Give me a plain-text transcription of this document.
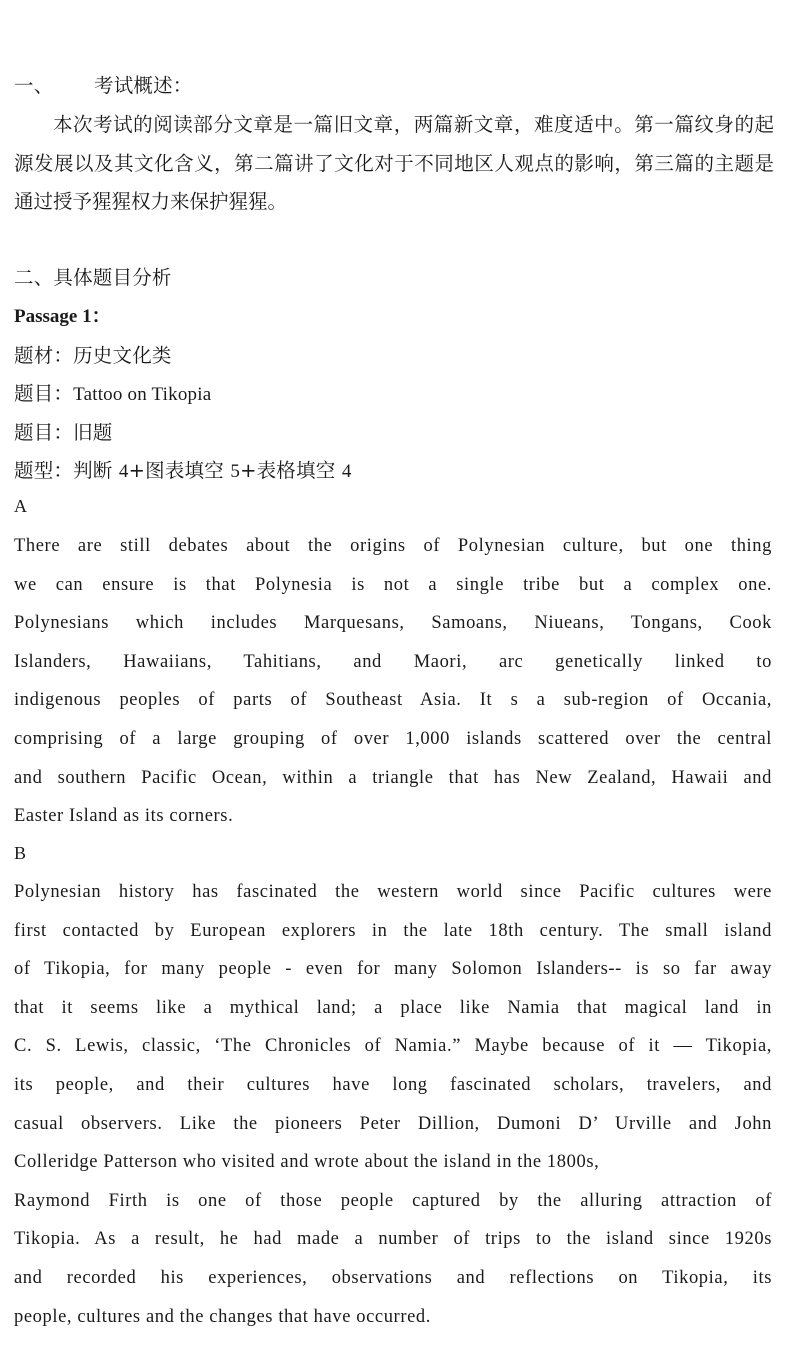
一、 考试概述：
本次考试的阅读部分文章是一篇旧文章，两篇新文章，难度适中。第一篇纹身的起源发展以及其文化含义，第二篇讲了文化对于不同地区人观点的影响，第三篇的主题是通过授予猩猩权力来保护猩猩。
二、具体题目分析
Passage 1：
题材：历史文化类
题目：Tattoo on Tikopia
题目：旧题
题型：判断 4+图表填空 5+表格填空 4
A
There are still debates about the origins of Polynesian culture, but one thing
we can ensure is that Polynesia is not a single tribe but a complex one.
Polynesians which includes Marquesans, Samoans, Niueans, Tongans, Cook
Islanders, Hawaiians, Tahitians, and Maori, arc genetically linked to
indigenous peoples of parts of Southeast Asia. It s a sub-region of Occania,
comprising of a large grouping of over 1,000 islands scattered over the central
and southern Pacific Ocean, within a triangle that has New Zealand, Hawaii and
Easter Island as its corners.
B
Polynesian history has fascinated the western world since Pacific cultures were
first contacted by European explorers in the late 18th century. The small island
of Tikopia, for many people - even for many Solomon Islanders-- is so far away
that it seems like a mythical land; a place like Namia that magical land in
C. S. Lewis, classic, ‘The Chronicles of Namia.” Maybe because of it — Tikopia,
its people, and their cultures have long fascinated scholars, travelers, and
casual observers. Like the pioneers Peter Dillion, Dumoni D’ Urville and John
Colleridge Patterson who visited and wrote about the island in the 1800s,
Raymond Firth is one of those people captured by the alluring attraction of
Tikopia. As a result, he had made a number of trips to the island since 1920s
and recorded his experiences, observations and reflections on Tikopia, its
people, cultures and the changes that have occurred.
